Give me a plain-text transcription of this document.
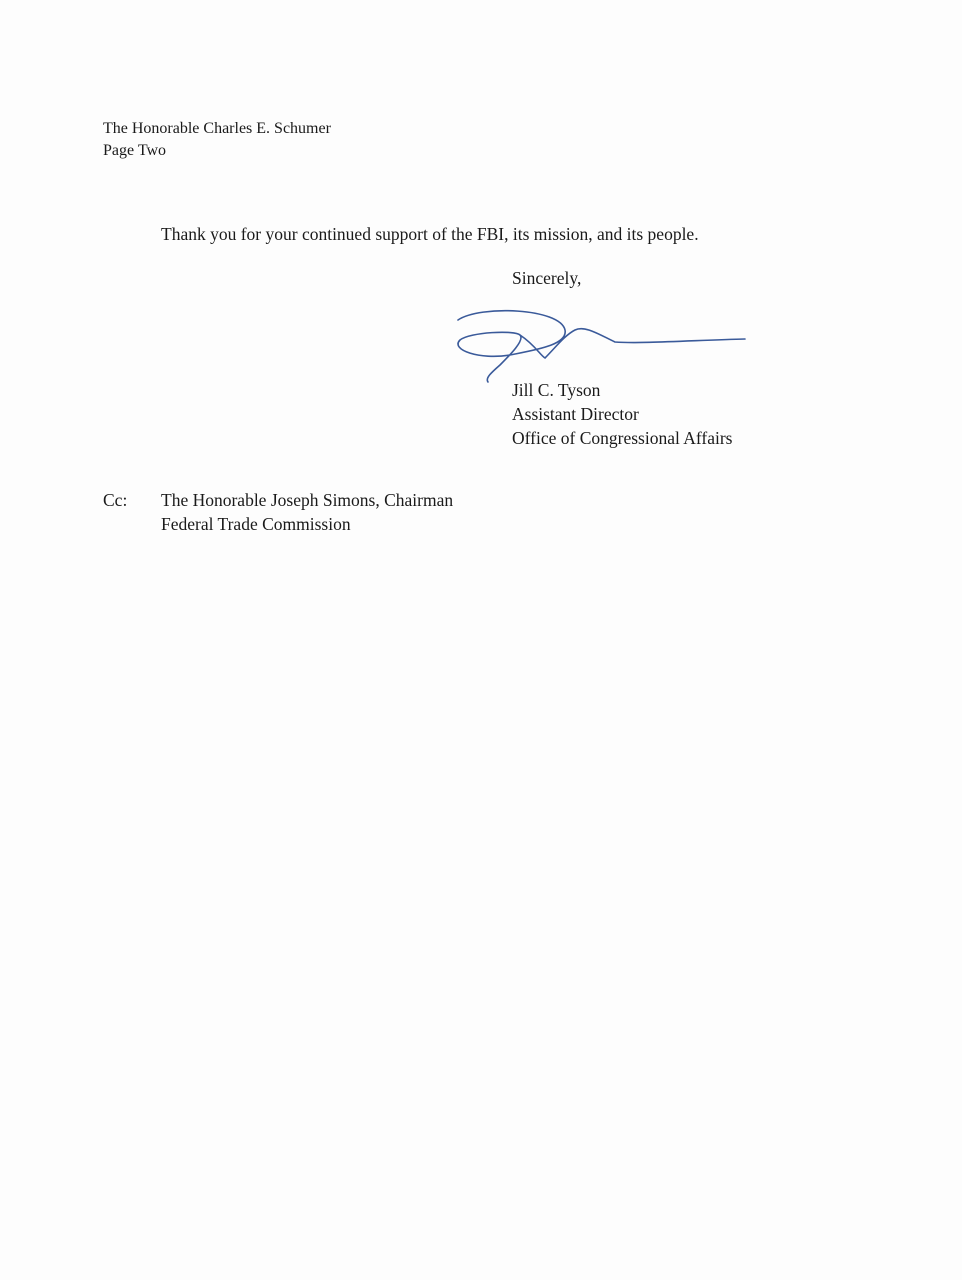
The Honorable Charles E. Schumer
Page Two
Thank you for your continued support of the FBI, its mission, and its people.
Sincerely,
Jill C. Tyson
Assistant Director
Office of Congressional Affairs
Cc: The Honorable Joseph Simons, Chairman
Federal Trade Commission
